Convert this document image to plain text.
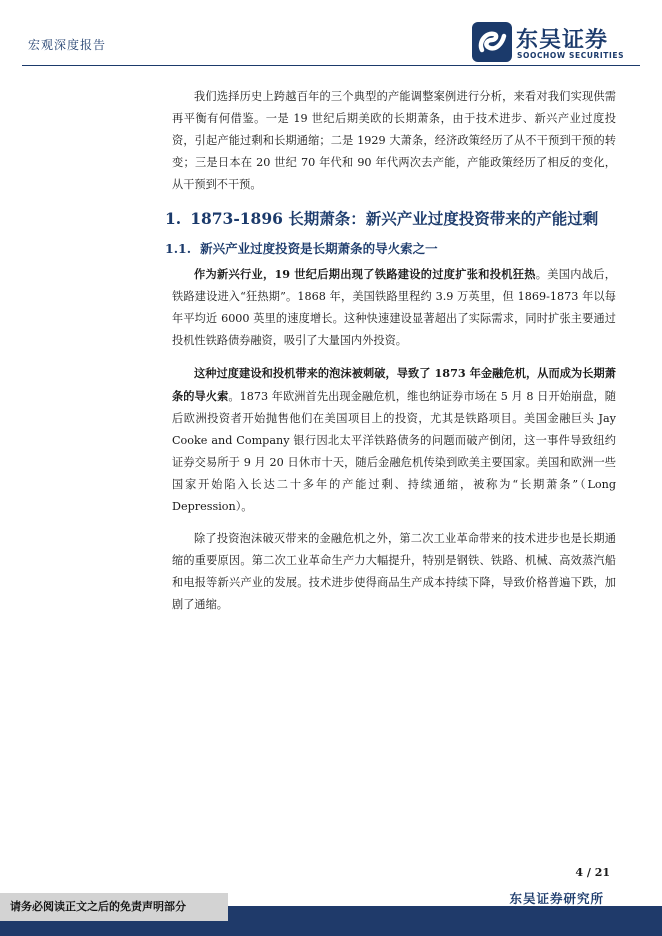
宏观深度报告	东吴证券
SOOCHOW SECURITIES

我们选择历史上跨越百年的三个典型的产能调整案例进行分析，来看对我们实现供需再平衡有何借鉴。一是 19 世纪后期美欧的长期萧条，由于技术进步、新兴产业过度投资，引起产能过剩和长期通缩；二是 1929 大萧条，经济政策经历了从不干预到干预的转变；三是日本在 20 世纪 70 年代和 90 年代两次去产能，产能政策经历了相反的变化，从干预到不干预。

1. 1873-1896 长期萧条：新兴产业过度投资带来的产能过剩
1.1. 新兴产业过度投资是长期萧条的导火索之一

作为新兴行业，19 世纪后期出现了铁路建设的过度扩张和投机狂热。美国内战后，铁路建设进入“狂热期”。1868 年，美国铁路里程约 3.9 万英里，但 1869-1873 年以每年平均近 6000 英里的速度增长。这种快速建设显著超出了实际需求，同时扩张主要通过投机性铁路债券融资，吸引了大量国内外投资。

这种过度建设和投机带来的泡沫被刺破，导致了 1873 年金融危机，从而成为长期萧条的导火索。1873 年欧洲首先出现金融危机，维也纳证券市场在 5 月 8 日开始崩盘，随后欧洲投资者开始抛售他们在美国项目上的投资，尤其是铁路项目。美国金融巨头 Jay Cooke and Company 银行因北太平洋铁路债务的问题而破产倒闭，这一事件导致纽约证券交易所于 9 月 20 日休市十天，随后金融危机传染到欧美主要国家。美国和欧洲一些国家开始陷入长达二十多年的产能过剩、持续通缩，被称为“长期萧条”（Long Depression）。

除了投资泡沫破灭带来的金融危机之外，第二次工业革命带来的技术进步也是长期通缩的重要原因。第二次工业革命生产力大幅提升，特别是钢铁、铁路、机械、高效蒸汽船和电报等新兴产业的发展。技术进步使得商品生产成本持续下降，导致价格普遍下跌，加剧了通缩。

4 / 21
请务必阅读正文之后的免责声明部分
东吴证券研究所
